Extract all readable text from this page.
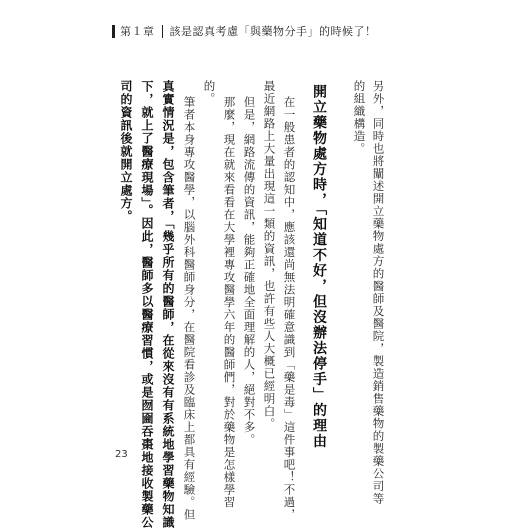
第１章 該是認真考慮「與藥物分手」的時候了！
另外，同時也將闡述開立藥物處方的醫師及醫院，製造銷售藥物的製藥公司等
的組織構造。
開立藥物處方時，「知道不好，但沒辦法停手」的理由
在一般患者的認知中，應該還尚無法明確意識到「藥是毒」這件事吧！不過，
最近網路上大量出現這一類的資訊，也許有些人大概已經明白。
但是，網路流傳的資訊，能夠正確地全面理解的人，絕對不多。
那麼，現在就來看看在大學裡專攻醫學六年的醫師們，對於藥物是怎樣學習
的。
筆者本身專攻醫學，以腦外科醫師身分，在醫院看診及臨床上都具有經驗。但
真實情況是，包含筆者，「幾乎所有的醫師，在從來沒有有系統地學習藥物知識
下，就上了醫療現場」。因此，醫師多以醫療習慣，或是囫圇吞棗地接收製藥公
司的資訊後就開立處方。
23
